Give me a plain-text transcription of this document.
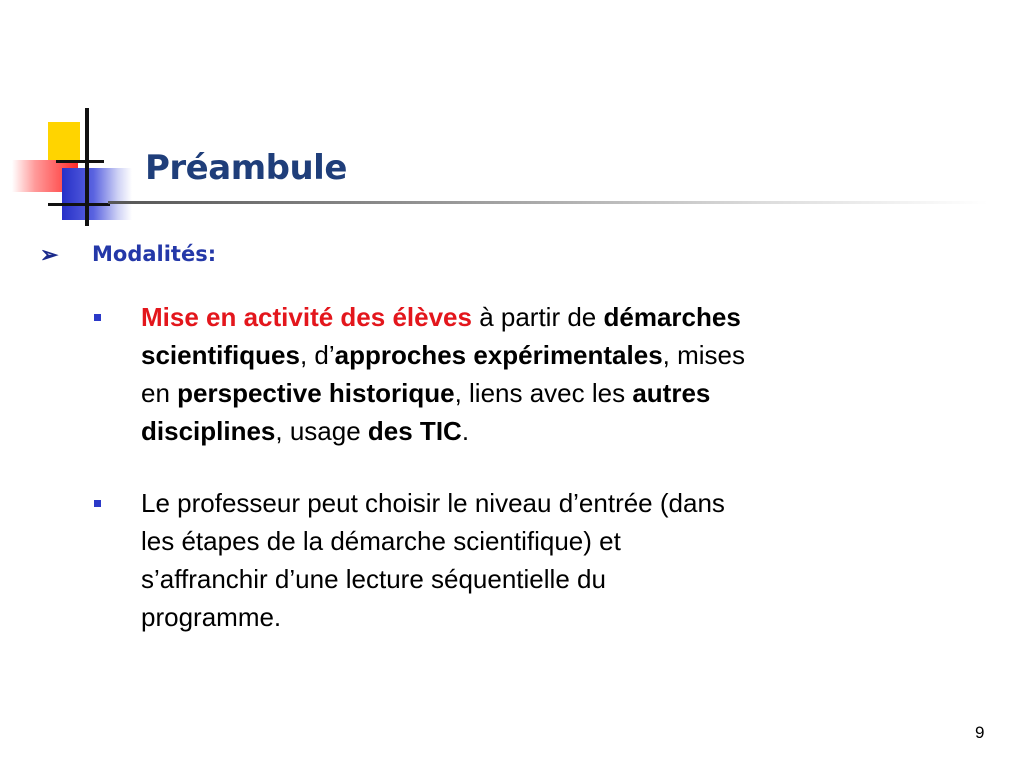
Préambule
➢ Modalités:
Mise en activité des élèves à partir de démarches
scientifiques, d’approches expérimentales, mises
en perspective historique, liens avec les autres
disciplines, usage des TIC.
Le professeur peut choisir le niveau d’entrée (dans
les étapes de la démarche scientifique) et
s’affranchir d’une lecture séquentielle du
programme.
9
